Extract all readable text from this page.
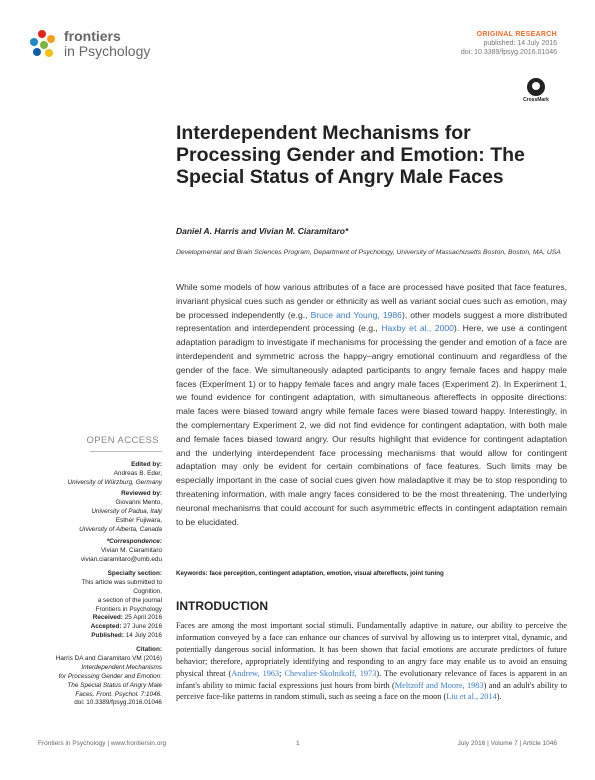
frontiers
in Psychology
ORIGINAL RESEARCH
published: 14 July 2016
doi: 10.3389/fpsyg.2016.01046
CrossMark
Interdependent Mechanisms for Processing Gender and Emotion: The Special Status of Angry Male Faces
Daniel A. Harris and Vivian M. Ciaramitaro*
Developmental and Brain Sciences Program, Department of Psychology, University of Massachusetts Boston, Boston, MA, USA
While some models of how various attributes of a face are processed have posited that face features, invariant physical cues such as gender or ethnicity as well as variant social cues such as emotion, may be processed independently (e.g., Bruce and Young, 1986), other models suggest a more distributed representation and interdependent processing (e.g., Haxby et al., 2000). Here, we use a contingent adaptation paradigm to investigate if mechanisms for processing the gender and emotion of a face are interdependent and symmetric across the happy–angry emotional continuum and regardless of the gender of the face. We simultaneously adapted participants to angry female faces and happy male faces (Experiment 1) or to happy female faces and angry male faces (Experiment 2). In Experiment 1, we found evidence for contingent adaptation, with simultaneous aftereffects in opposite directions: male faces were biased toward angry while female faces were biased toward happy. Interestingly, in the complementary Experiment 2, we did not find evidence for contingent adaptation, with both male and female faces biased toward angry. Our results highlight that evidence for contingent adaptation and the underlying interdependent face processing mechanisms that would allow for contingent adaptation may only be evident for certain combinations of face features. Such limits may be especially important in the case of social cues given how maladaptive it may be to stop responding to threatening information, with male angry faces considered to be the most threatening. The underlying neuronal mechanisms that could account for such asymmetric effects in contingent adaptation remain to be elucidated.
Keywords: face perception, contingent adaptation, emotion, visual aftereffects, joint tuning
INTRODUCTION
Faces are among the most important social stimuli. Fundamentally adaptive in nature, our ability to perceive the information conveyed by a face can enhance our chances of survival by allowing us to interpret vital, dynamic, and potentially dangerous social information. It has been shown that facial emotions are accurate predictors of future behavior; therefore, appropriately identifying and responding to an angry face may enable us to avoid an ensuing physical threat (Andrew, 1963; Chevalier-Skolnikoff, 1973). The evolutionary relevance of faces is apparent in an infant's ability to mimic facial expressions just hours from birth (Meltzoff and Moore, 1983) and an adult's ability to perceive face-like patterns in random stimuli, such as seeing a face on the moon (Liu et al., 2014).
OPEN ACCESS
Edited by:
Andreas B. Eder,
University of Würzburg, Germany
Reviewed by:
Giovanni Mento,
University of Padua, Italy
Esther Fujiwara,
University of Alberta, Canada
*Correspondence:
Vivian M. Ciaramitaro
vivian.ciaramitaro@umb.edu
Specialty section:
This article was submitted to
Cognition,
a section of the journal
Frontiers in Psychology
Received: 25 April 2016
Accepted: 27 June 2016
Published: 14 July 2016
Citation:
Harris DA and Ciaramitaro VM (2016)
Interdependent Mechanisms
for Processing Gender and Emotion:
The Special Status of Angry Male
Faces. Front. Psychol. 7:1046.
doi: 10.3389/fpsyg.2016.01046
Frontiers in Psychology | www.frontiersin.org	1	July 2016 | Volume 7 | Article 1046
